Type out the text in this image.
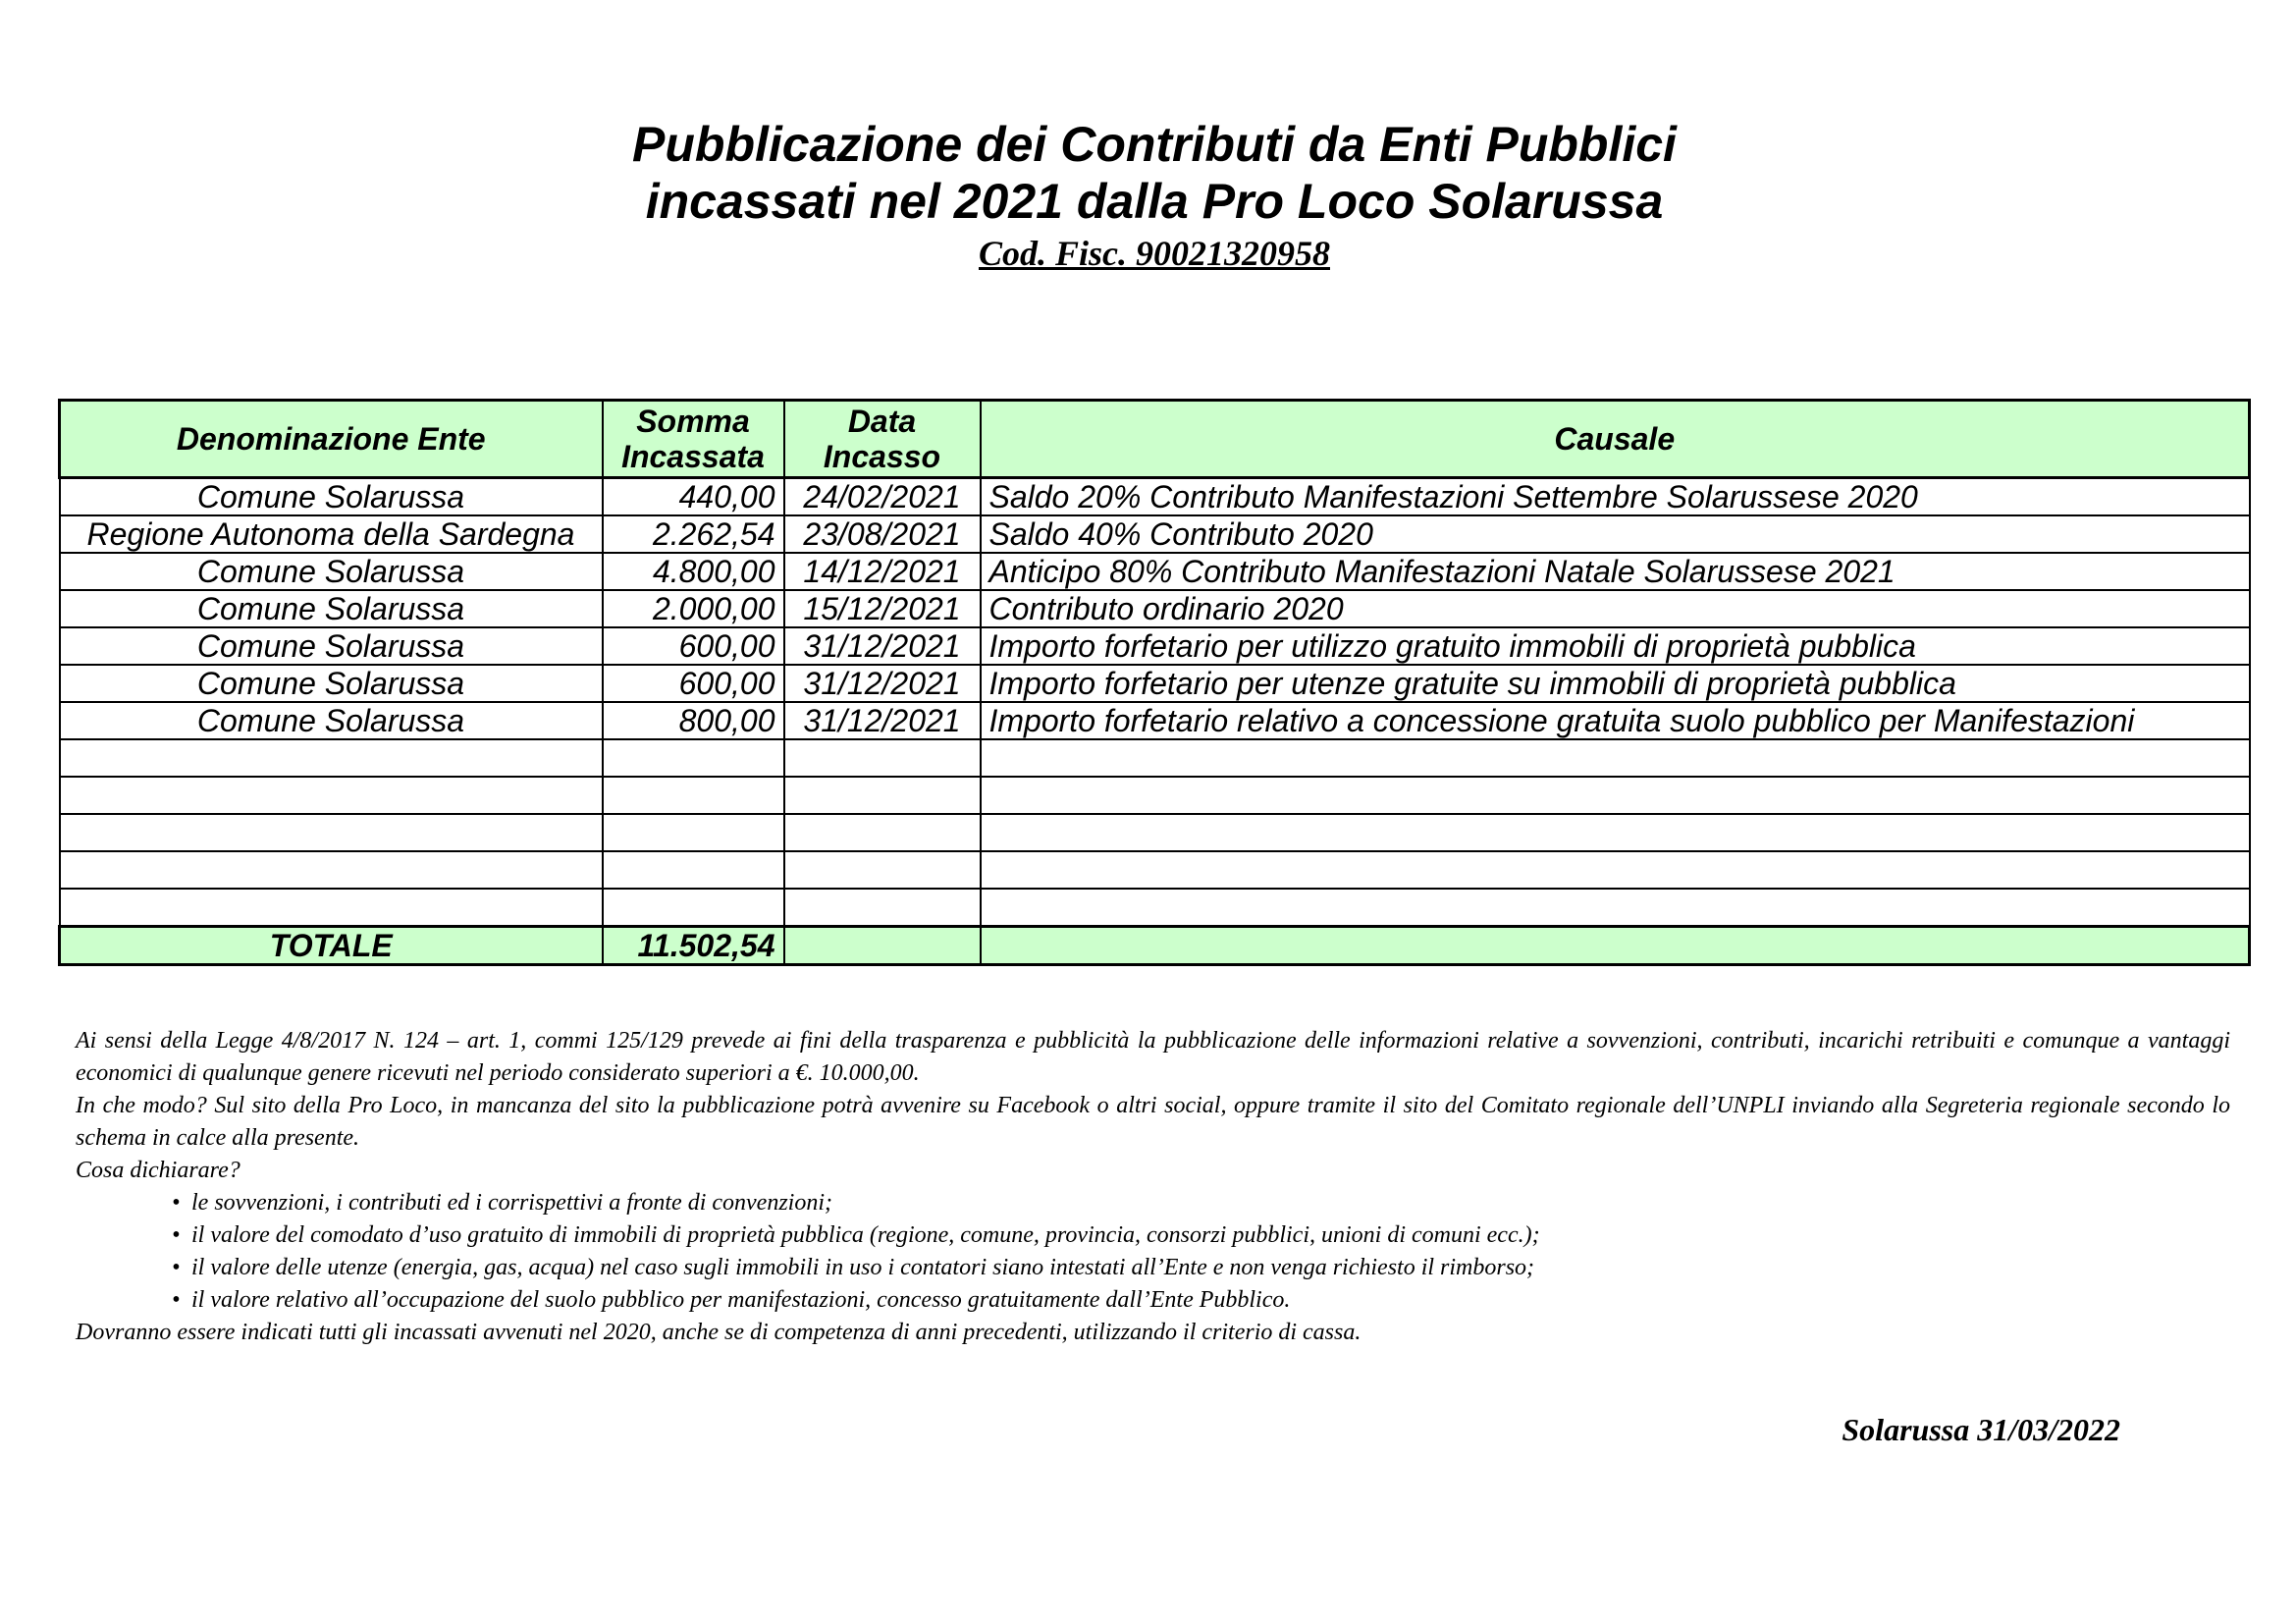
Pubblicazione dei Contributi da Enti Pubblici
incassati nel 2021 dalla Pro Loco Solarussa
Cod. Fisc. 90021320958
Denominazione Ente	Somma Incassata	Data Incasso	Causale
Comune Solarussa	440,00	24/02/2021	Saldo 20% Contributo Manifestazioni Settembre Solarussese 2020
Regione Autonoma della Sardegna	2.262,54	23/08/2021	Saldo 40% Contributo 2020
Comune Solarussa	4.800,00	14/12/2021	Anticipo 80% Contributo Manifestazioni Natale Solarussese 2021
Comune Solarussa	2.000,00	15/12/2021	Contributo ordinario 2020
Comune Solarussa	600,00	31/12/2021	Importo forfetario per utilizzo gratuito immobili di proprietà pubblica
Comune Solarussa	600,00	31/12/2021	Importo forfetario per utenze gratuite su immobili di proprietà pubblica
Comune Solarussa	800,00	31/12/2021	Importo forfetario relativo a concessione gratuita suolo pubblico per Manifestazioni

TOTALE	11.502,54		

Ai sensi della Legge 4/8/2017 N. 124 – art. 1, commi 125/129 prevede ai fini della trasparenza e pubblicità la pubblicazione delle informazioni relative a sovvenzioni, contributi, incarichi retribuiti e comunque a vantaggi economici di qualunque genere ricevuti nel periodo considerato superiori a €. 10.000,00.

In che modo? Sul sito della Pro Loco, in mancanza del sito la pubblicazione potrà avvenire su Facebook o altri social, oppure tramite il sito del Comitato regionale dell’UNPLI inviando alla Segreteria regionale secondo lo schema in calce alla presente.

Cosa dichiarare?

• le sovvenzioni, i contributi ed i corrispettivi a fronte di convenzioni;
• il valore del comodato d’uso gratuito di immobili di proprietà pubblica (regione, comune, provincia, consorzi pubblici, unioni di comuni ecc.);
• il valore delle utenze (energia, gas, acqua) nel caso sugli immobili in uso i contatori siano intestati all’Ente e non venga richiesto il rimborso;
• il valore relativo all’occupazione del suolo pubblico per manifestazioni, concesso gratuitamente dall’Ente Pubblico.

Dovranno essere indicati tutti gli incassati avvenuti nel 2020, anche se di competenza di anni precedenti, utilizzando il criterio di cassa.

Solarussa 31/03/2022
